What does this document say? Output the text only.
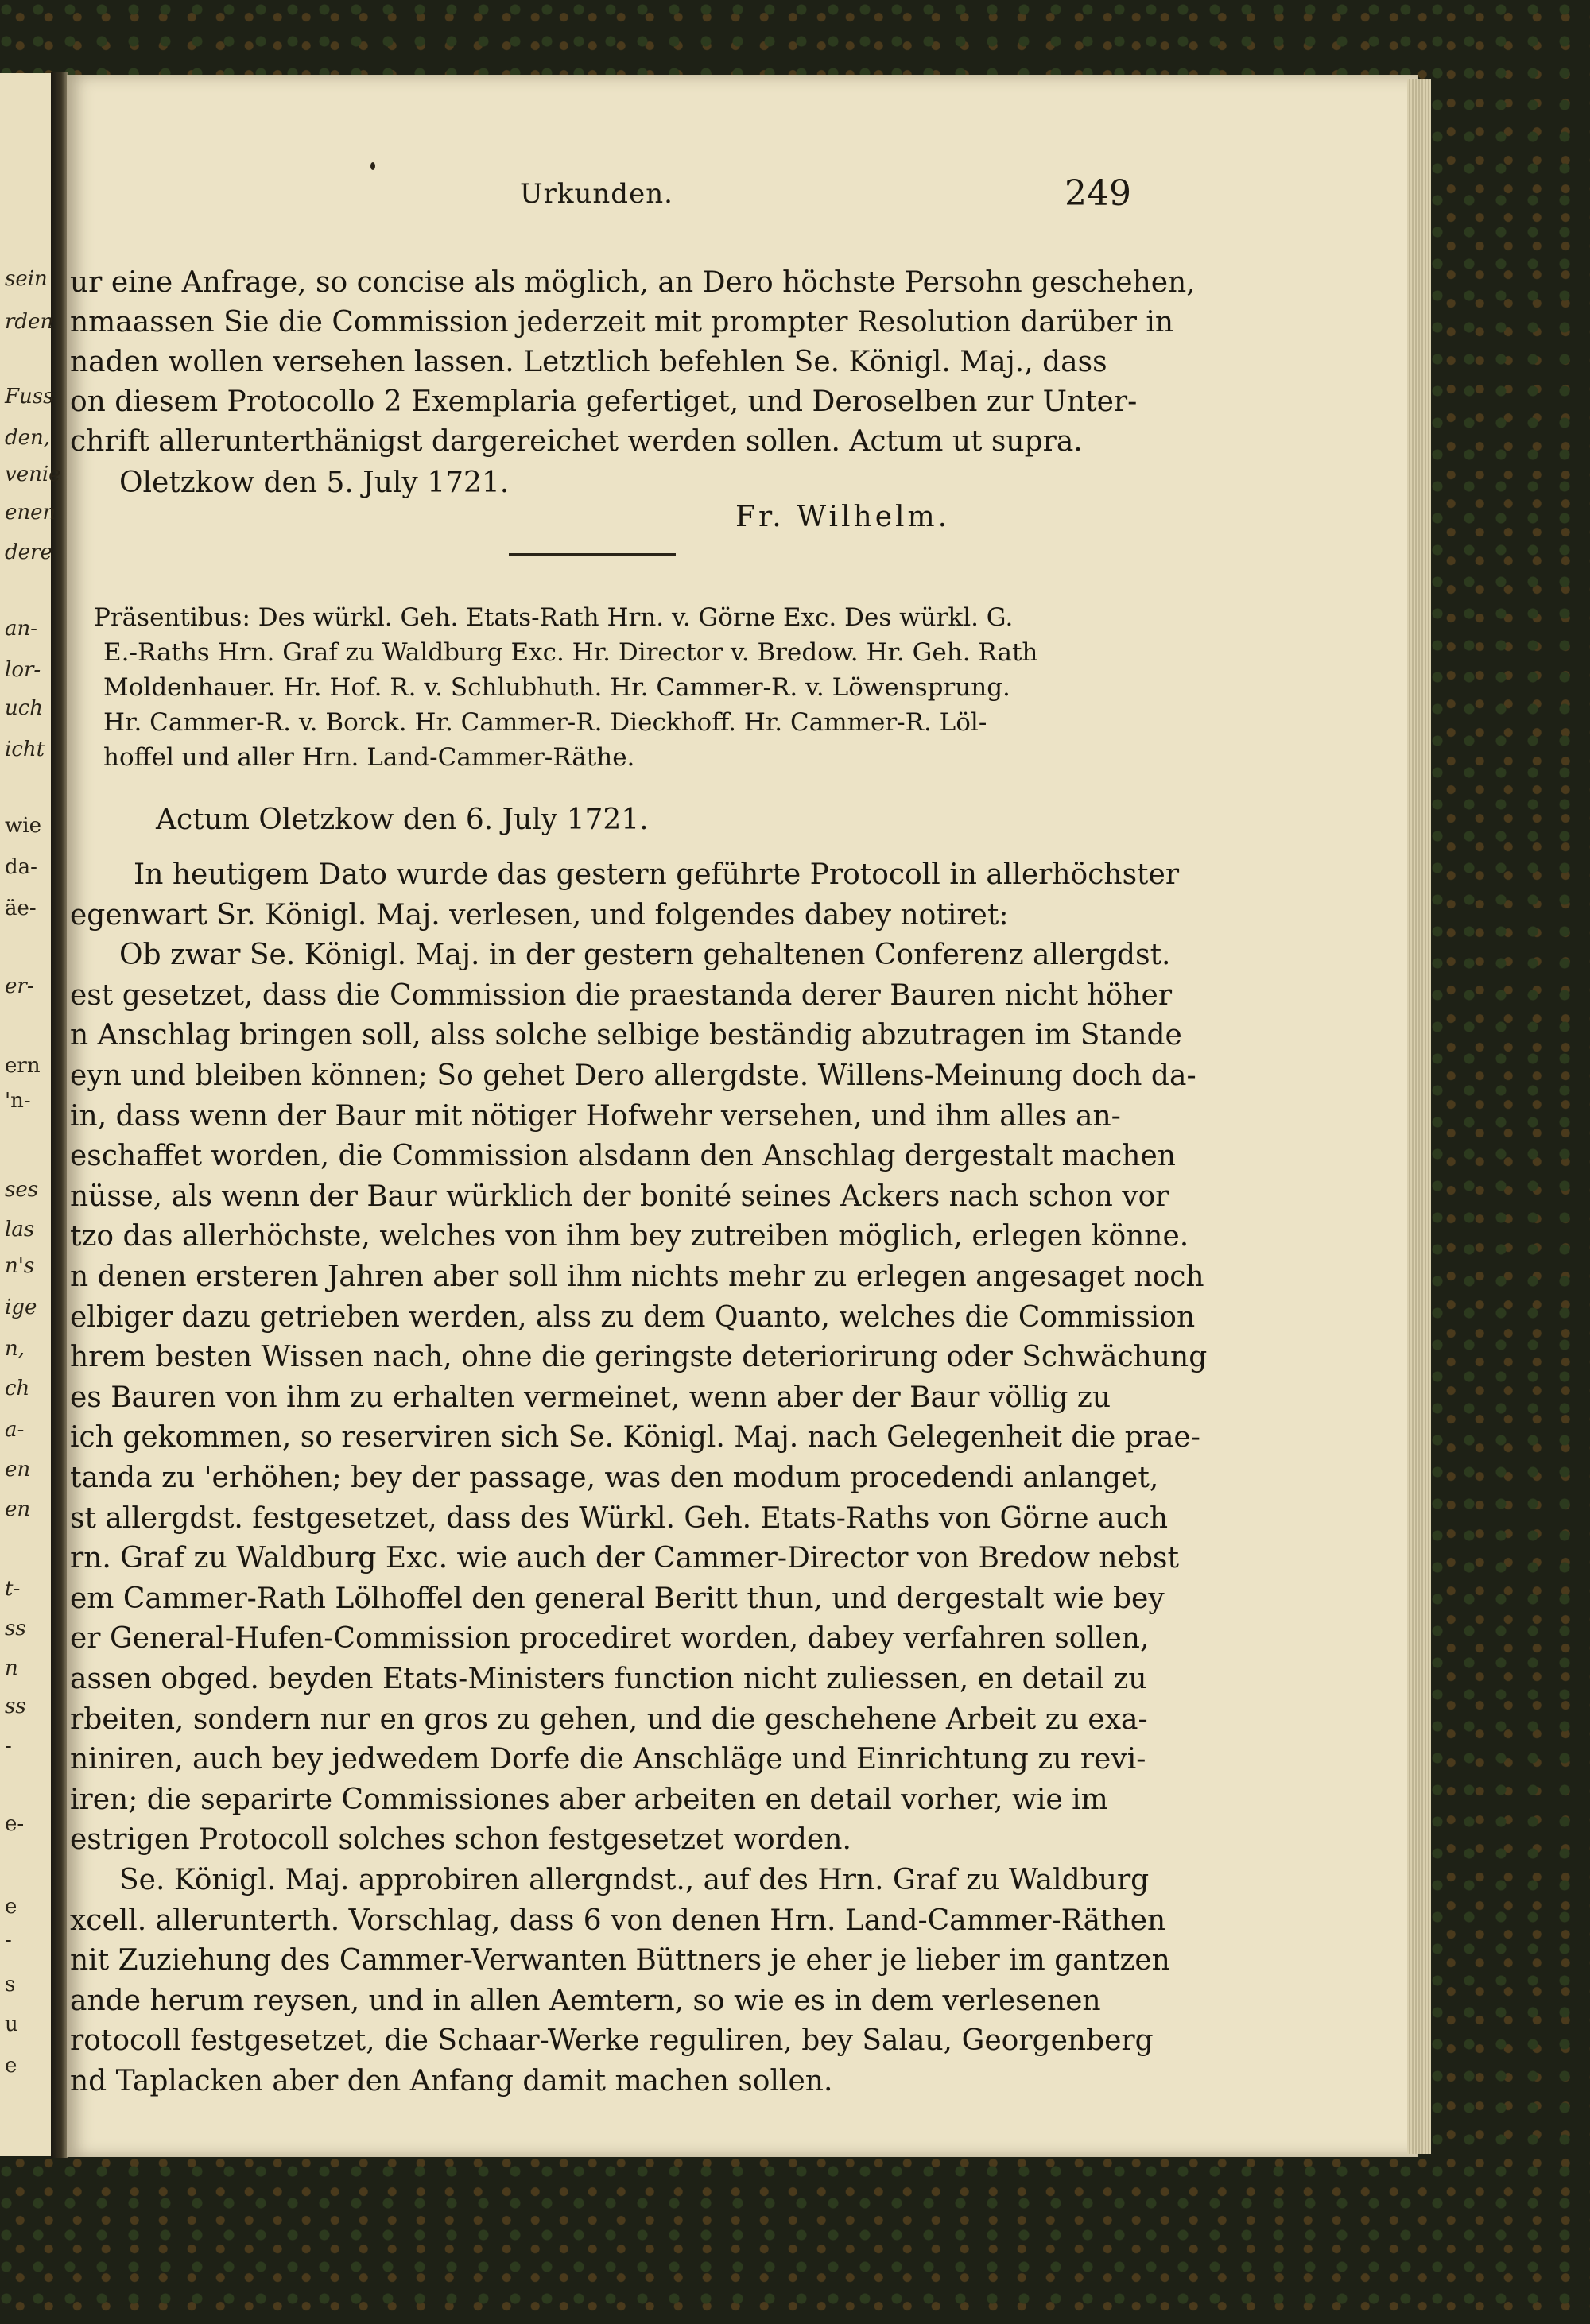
sein
rden
Fuss
den,
venie
enen
dere
an-
lor-
uch
icht
wie
da-
äe-
er-
ern
'n-
ses
las
n's
ige
n,
ch
a-
en
en
t-
ss
n
ss
-
e-
e
-
s
u
e
Urkunden.	249
ur eine Anfrage, so concise als möglich, an Dero höchste Persohn geschehen,
nmaassen Sie die Commission jederzeit mit prompter Resolution darüber in
naden wollen versehen lassen. Letztlich befehlen Se. Königl. Maj., dass
on diesem Protocollo 2 Exemplaria gefertiget, und Deroselben zur Unter-
chrift allerunterthänigst dargereichet werden sollen. Actum ut supra.
Oletzkow den 5. July 1721.
Präsentibus: Des würkl. Geh. Etats-Rath Hrn. v. Görne Exc. Des würkl. G.
E.-Raths Hrn. Graf zu Waldburg Exc. Hr. Director v. Bredow. Hr. Geh. Rath
Moldenhauer. Hr. Hof. R. v. Schlubhuth. Hr. Cammer-R. v. Löwensprung.
Hr. Cammer-R. v. Borck. Hr. Cammer-R. Dieckhoff. Hr. Cammer-R. Löl-
hoffel und aller Hrn. Land-Cammer-Räthe.
Actum Oletzkow den 6. July 1721.
In heutigem Dato wurde das gestern geführte Protocoll in allerhöchster
egenwart Sr. Königl. Maj. verlesen, und folgendes dabey notiret:
Ob zwar Se. Königl. Maj. in der gestern gehaltenen Conferenz allergdst.
est gesetzet, dass die Commission die praestanda derer Bauren nicht höher
n Anschlag bringen soll, alss solche selbige beständig abzutragen im Stande
eyn und bleiben können; So gehet Dero allergdste. Willens-Meinung doch da-
in, dass wenn der Baur mit nötiger Hofwehr versehen, und ihm alles an-
eschaffet worden, die Commission alsdann den Anschlag dergestalt machen
nüsse, als wenn der Baur würklich der bonité seines Ackers nach schon vor
tzo das allerhöchste, welches von ihm bey zutreiben möglich, erlegen könne.
n denen ersteren Jahren aber soll ihm nichts mehr zu erlegen angesaget noch
elbiger dazu getrieben werden, alss zu dem Quanto, welches die Commission
hrem besten Wissen nach, ohne die geringste deteriorirung oder Schwächung
es Bauren von ihm zu erhalten vermeinet, wenn aber der Baur völlig zu
ich gekommen, so reserviren sich Se. Königl. Maj. nach Gelegenheit die prae-
tanda zu 'erhöhen; bey der passage, was den modum procedendi anlanget,
st allergdst. festgesetzet, dass des Würkl. Geh. Etats-Raths von Görne auch
rn. Graf zu Waldburg Exc. wie auch der Cammer-Director von Bredow nebst
em Cammer-Rath Lölhoffel den general Beritt thun, und dergestalt wie bey
er General-Hufen-Commission procediret worden, dabey verfahren sollen,
assen obged. beyden Etats-Ministers function nicht zuliessen, en detail zu
rbeiten, sondern nur en gros zu gehen, und die geschehene Arbeit zu exa-
niniren, auch bey jedwedem Dorfe die Anschläge und Einrichtung zu revi-
iren; die separirte Commissiones aber arbeiten en detail vorher, wie im
estrigen Protocoll solches schon festgesetzet worden.
Se. Königl. Maj. approbiren allergndst., auf des Hrn. Graf zu Waldburg
xcell. allerunterth. Vorschlag, dass 6 von denen Hrn. Land-Cammer-Räthen
nit Zuziehung des Cammer-Verwanten Büttners je eher je lieber im gantzen
ande herum reysen, und in allen Aemtern, so wie es in dem verlesenen
rotocoll festgesetzet, die Schaar-Werke reguliren, bey Salau, Georgenberg
nd Taplacken aber den Anfang damit machen sollen.
Fr. Wilhelm.
